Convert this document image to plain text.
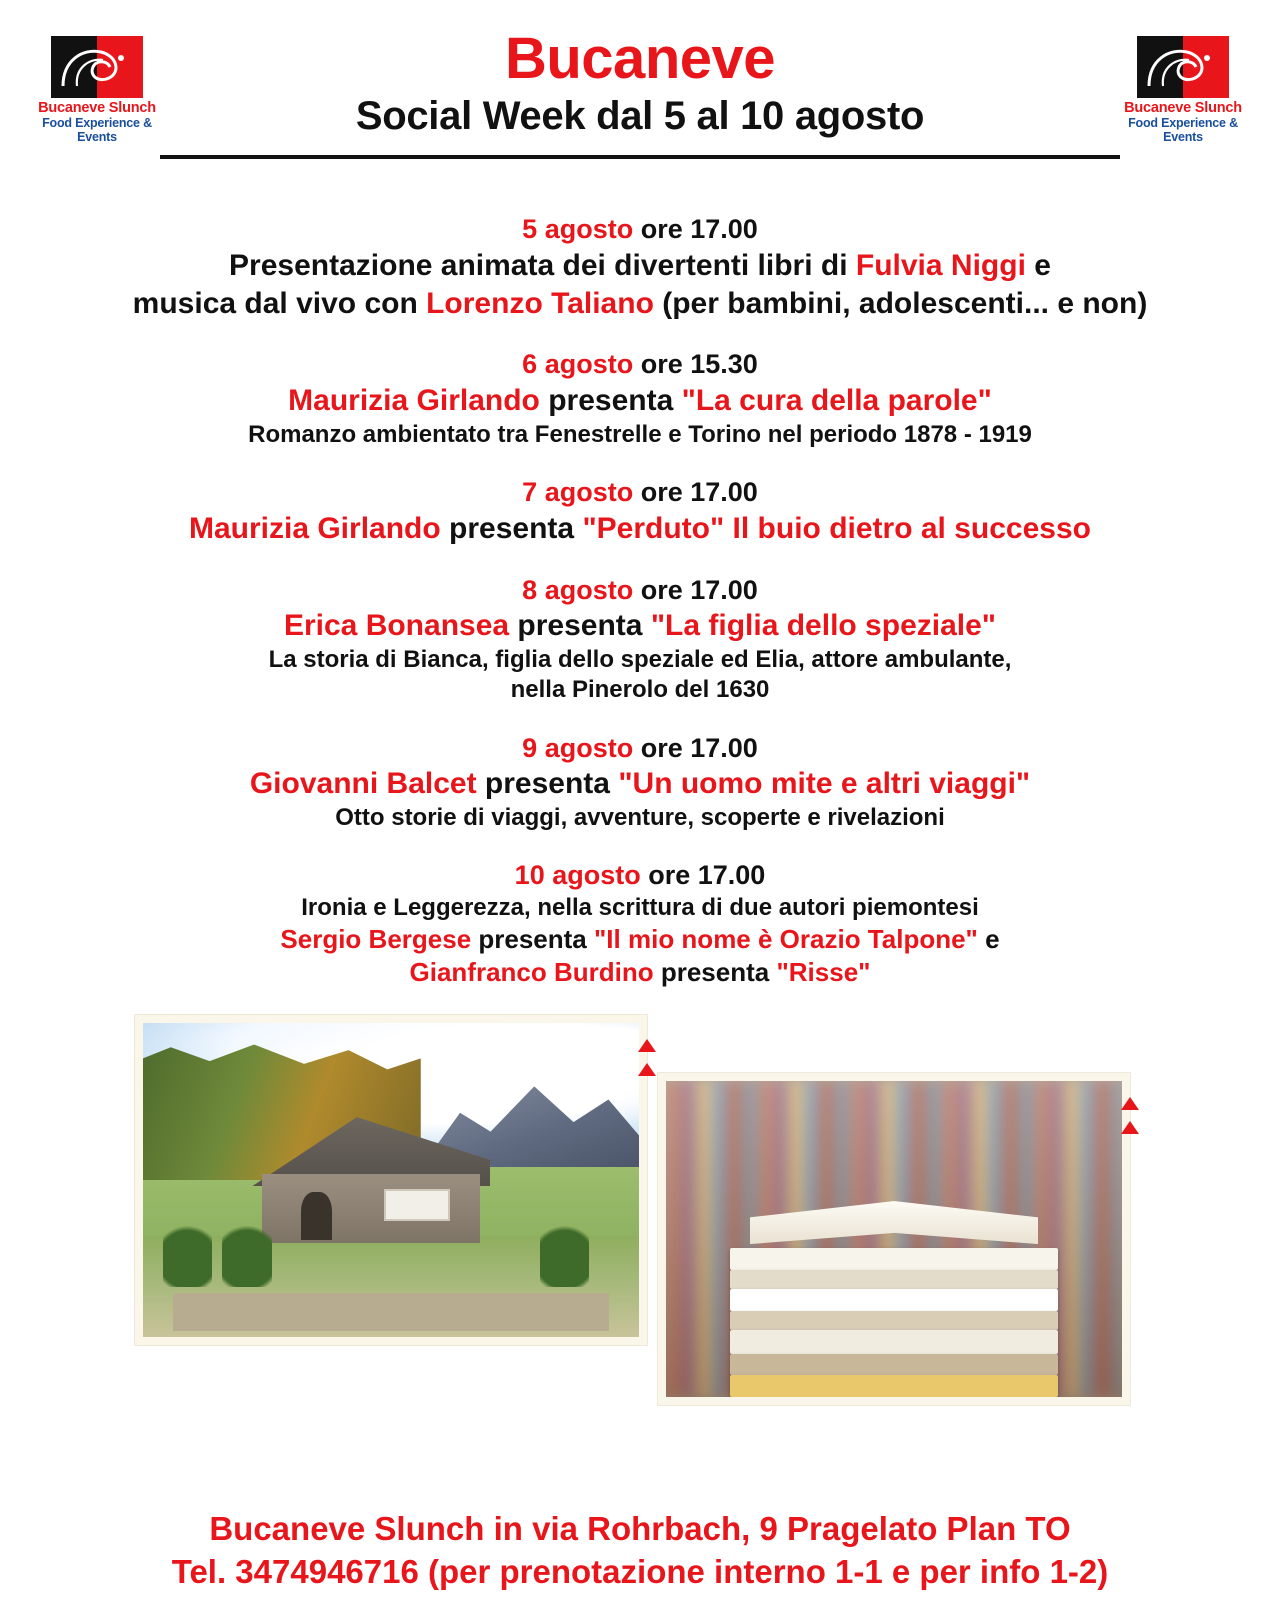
Bucaneve Slunch
Food Experience & Events
Bucaneve Slunch
Food Experience & Events
Bucaneve
Social Week dal 5 al 10 agosto
5 agosto ore 17.00
Presentazione animata dei divertenti libri di Fulvia Niggi e
musica dal vivo con Lorenzo Taliano (per bambini, adolescenti... e non)
6 agosto ore 15.30
Maurizia Girlando presenta "La cura della parole"
Romanzo ambientato tra Fenestrelle e Torino nel periodo 1878 - 1919
7 agosto ore 17.00
Maurizia Girlando presenta "Perduto" Il buio dietro al successo
8 agosto ore 17.00
Erica Bonansea presenta "La figlia dello speziale"
La storia di Bianca, figlia dello speziale ed Elia, attore ambulante,
nella Pinerolo del 1630
9 agosto ore 17.00
Giovanni Balcet presenta "Un uomo mite e altri viaggi"
Otto storie di viaggi, avventure, scoperte e rivelazioni
10 agosto ore 17.00
Ironia e Leggerezza, nella scrittura di due autori piemontesi
Sergio Bergese presenta "Il mio nome è Orazio Talpone" e
Gianfranco Burdino presenta "Risse"
Bucaneve Slunch in via Rohrbach, 9 Pragelato Plan TO
Tel. 3474946716 (per prenotazione interno 1-1 e per info 1-2)
